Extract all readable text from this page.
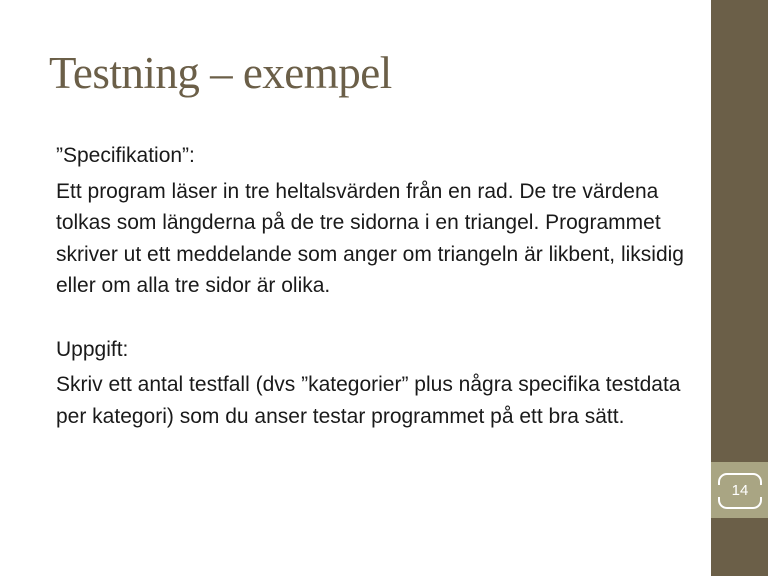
Testning – exempel

”Specifikation”:

Ett program läser in tre heltalsvärden från en rad. De tre värdena tolkas som längderna på de tre sidorna i en triangel. Programmet skriver ut ett meddelande som anger om triangeln är likbent, liksidig eller om alla tre sidor är olika.

Uppgift:

Skriv ett antal testfall (dvs ”kategorier” plus några specifika testdata per kategori) som du anser testar programmet på ett bra sätt.

14
